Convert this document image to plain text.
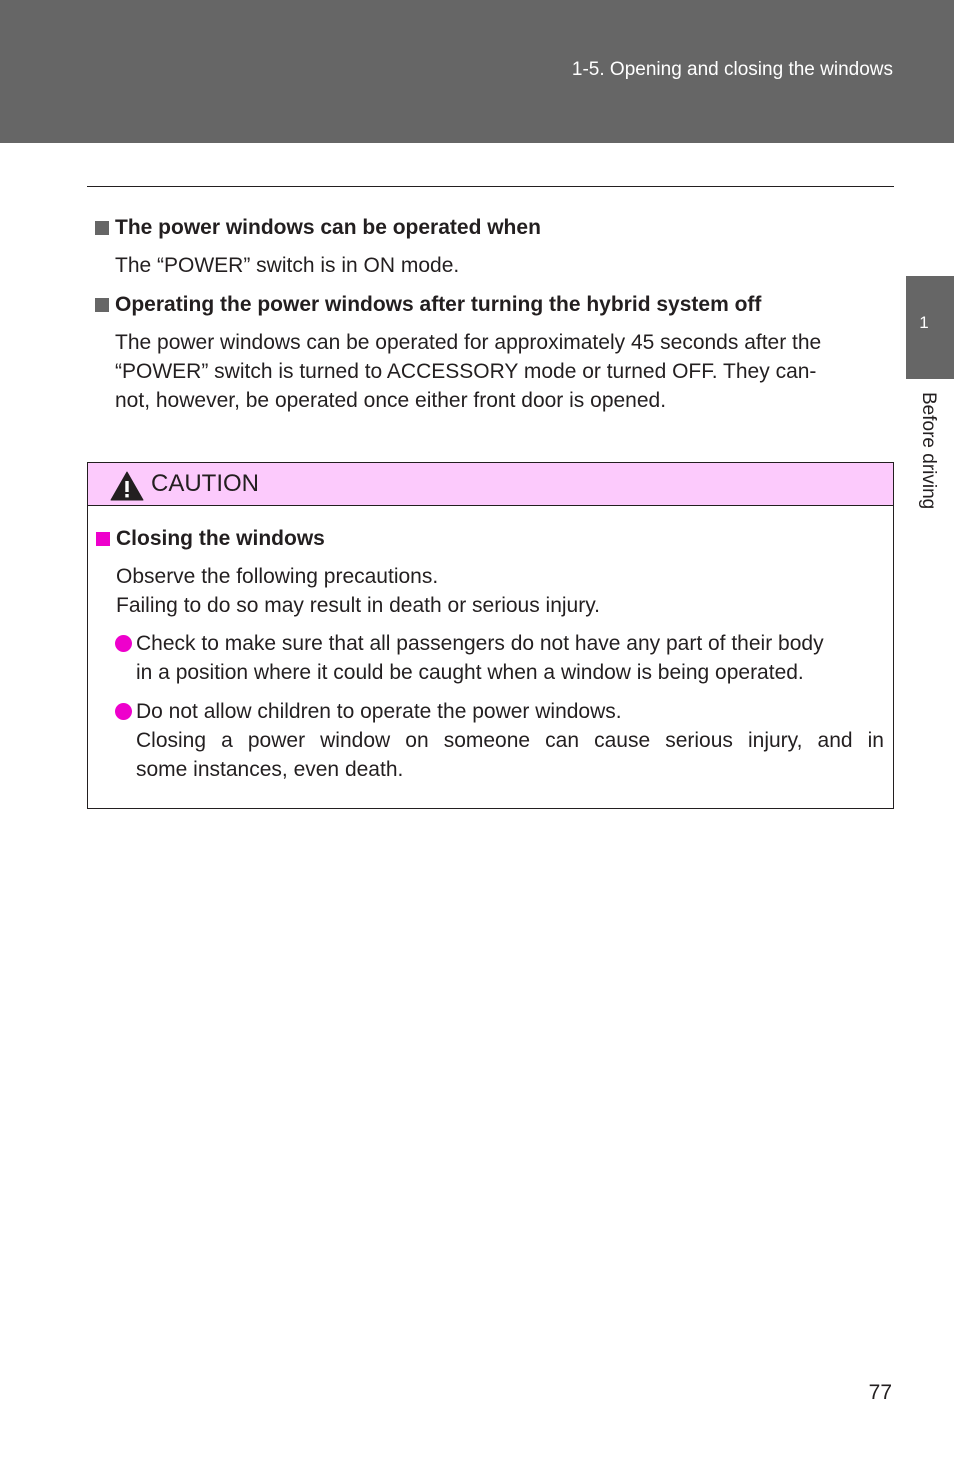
1-5. Opening and closing the windows
1
Before driving
The power windows can be operated when
The “POWER” switch is in ON mode.
Operating the power windows after turning the hybrid system off
The power windows can be operated for approximately 45 seconds after the
“POWER” switch is turned to ACCESSORY mode or turned OFF. They can-
not, however, be operated once either front door is opened.
CAUTION
Closing the windows
Observe the following precautions.
Failing to do so may result in death or serious injury.
Check to make sure that all passengers do not have any part of their body
in a position where it could be caught when a window is being operated.
Do not allow children to operate the power windows.
Closing a power window on someone can cause serious injury, and in
some instances, even death.
77
